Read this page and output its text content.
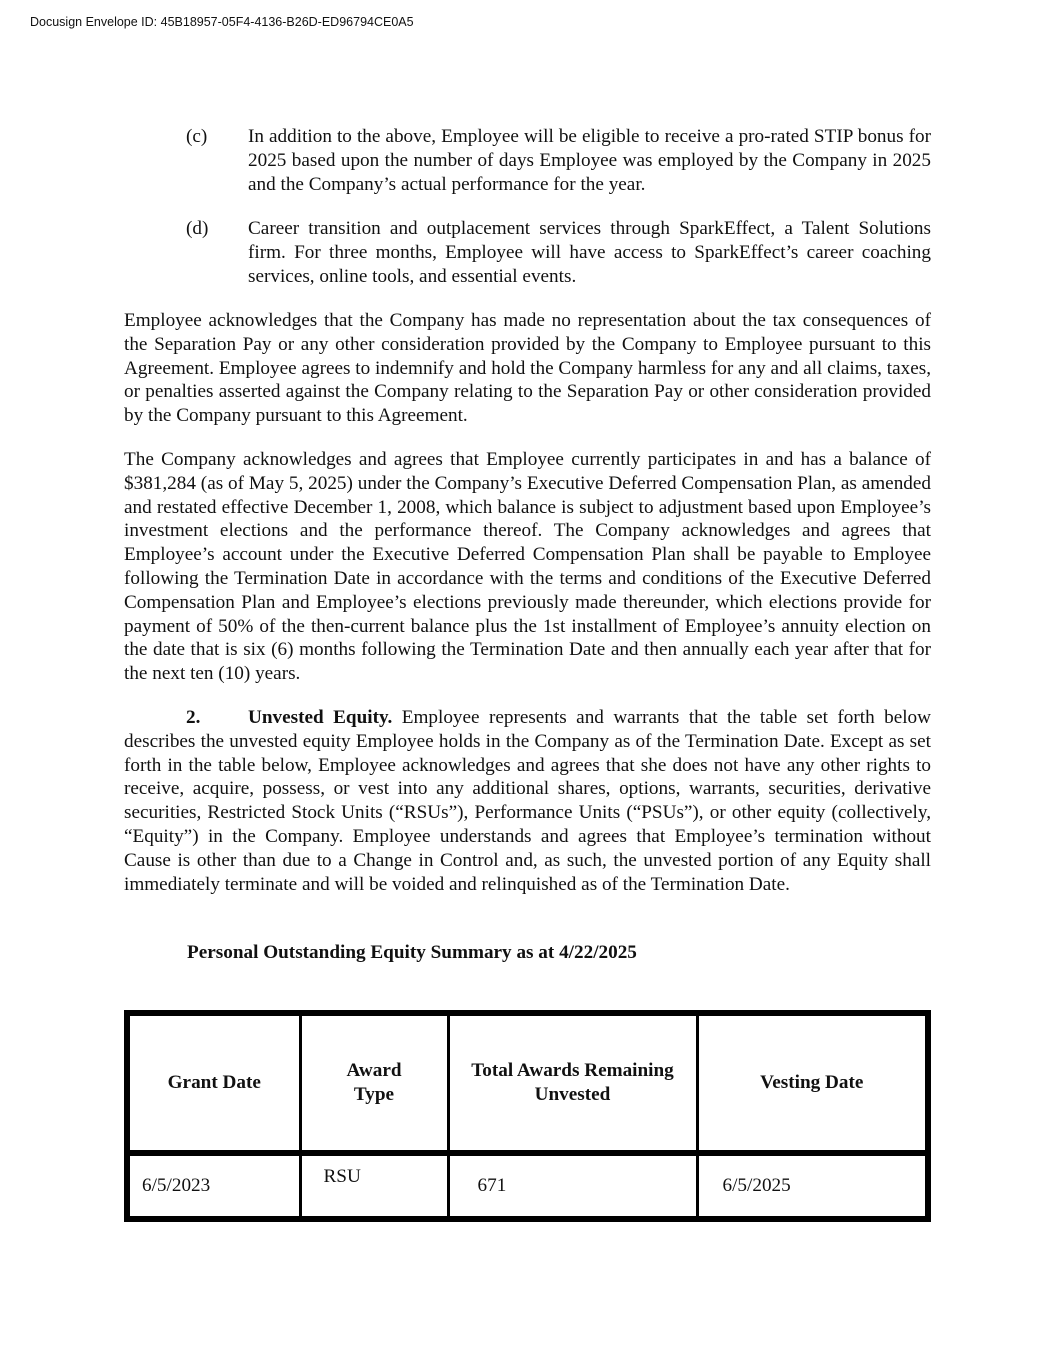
Docusign Envelope ID: 45B18957-05F4-4136-B26D-ED96794CE0A5
(c) In addition to the above, Employee will be eligible to receive a pro-rated STIP bonus for 2025 based upon the number of days Employee was employed by the Company in 2025 and the Company’s actual performance for the year.
(d) Career transition and outplacement services through SparkEffect, a Talent Solutions firm. For three months, Employee will have access to SparkEffect’s career coaching services, online tools, and essential events.
Employee acknowledges that the Company has made no representation about the tax consequences of the Separation Pay or any other consideration provided by the Company to Employee pursuant to this Agreement. Employee agrees to indemnify and hold the Company harmless for any and all claims, taxes, or penalties asserted against the Company relating to the Separation Pay or other consideration provided by the Company pursuant to this Agreement.
The Company acknowledges and agrees that Employee currently participates in and has a balance of $381,284 (as of May 5, 2025) under the Company’s Executive Deferred Compensation Plan, as amended and restated effective December 1, 2008, which balance is subject to adjustment based upon Employee’s investment elections and the performance thereof. The Company acknowledges and agrees that Employee’s account under the Executive Deferred Compensation Plan shall be payable to Employee following the Termination Date in accordance with the terms and conditions of the Executive Deferred Compensation Plan and Employee’s elections previously made thereunder, which elections provide for payment of 50% of the then-current balance plus the 1st installment of Employee’s annuity election on the date that is six (6) months following the Termination Date and then annually each year after that for the next ten (10) years.
2. Unvested Equity. Employee represents and warrants that the table set forth below describes the unvested equity Employee holds in the Company as of the Termination Date. Except as set forth in the table below, Employee acknowledges and agrees that she does not have any other rights to receive, acquire, possess, or vest into any additional shares, options, warrants, securities, derivative securities, Restricted Stock Units (“RSUs”), Performance Units (“PSUs”), or other equity (collectively, “Equity”) in the Company. Employee understands and agrees that Employee’s termination without Cause is other than due to a Change in Control and, as such, the unvested portion of any Equity shall immediately terminate and will be voided and relinquished as of the Termination Date.
Personal Outstanding Equity Summary as at 4/22/2025
Grant Date	Award Type	Total Awards Remaining Unvested	Vesting Date
6/5/2023	RSU	671	6/5/2025
